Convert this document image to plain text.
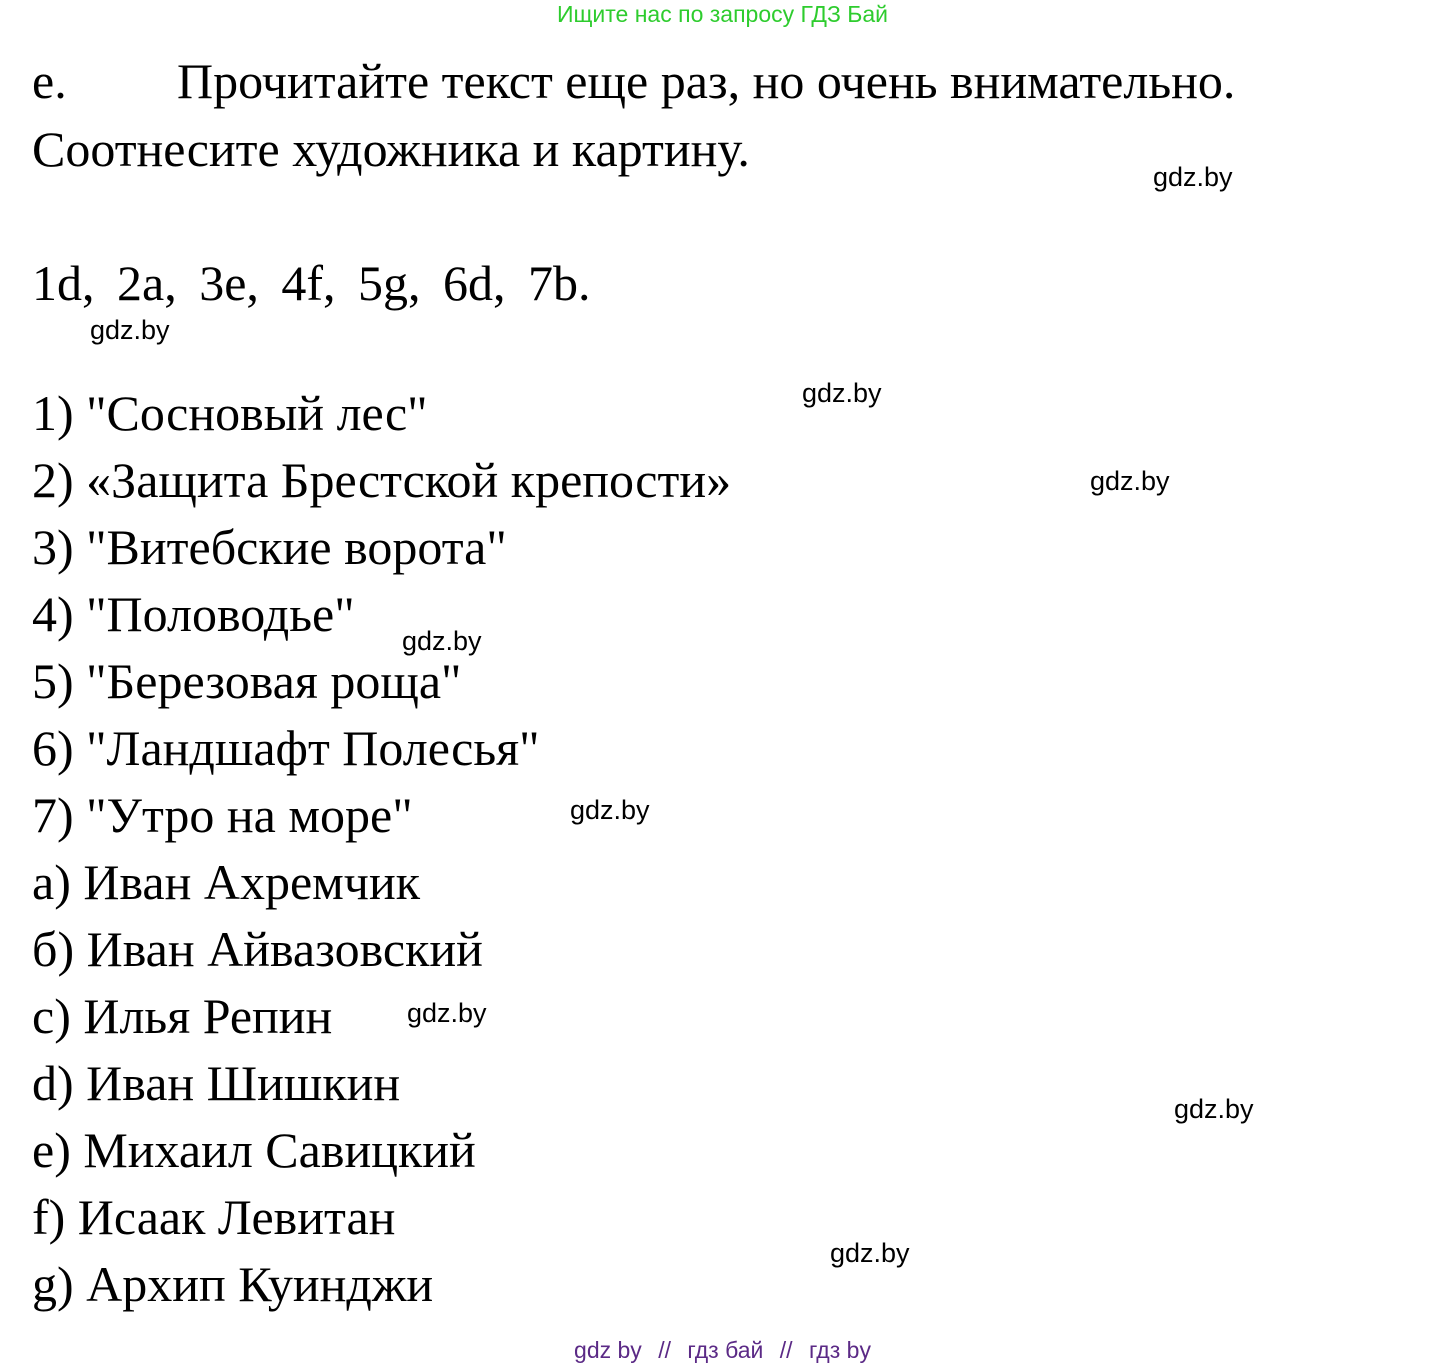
Ищите нас по запросу ГДЗ Бай
е. Прочитайте текст еще раз, но очень внимательно.
Соотнесите художника и картину.
1d, 2a, 3e, 4f, 5g, 6d, 7b.
1) "Сосновый лес"
2) «Защита Брестской крепости»
3) "Витебские ворота"
4) "Половодье"
5) "Березовая роща"
6) "Ландшафт Полесья"
7) "Утро на море"
а) Иван Ахремчик
б) Иван Айвазовский
с) Илья Репин
d) Иван Шишкин
е) Михаил Савицкий
f) Исаак Левитан
g) Архип Куинджи
gdz.by
gdz.by
gdz.by
gdz.by
gdz.by
gdz.by
gdz.by
gdz.by
gdz.by
gdz by // гдз бай // гдз by
